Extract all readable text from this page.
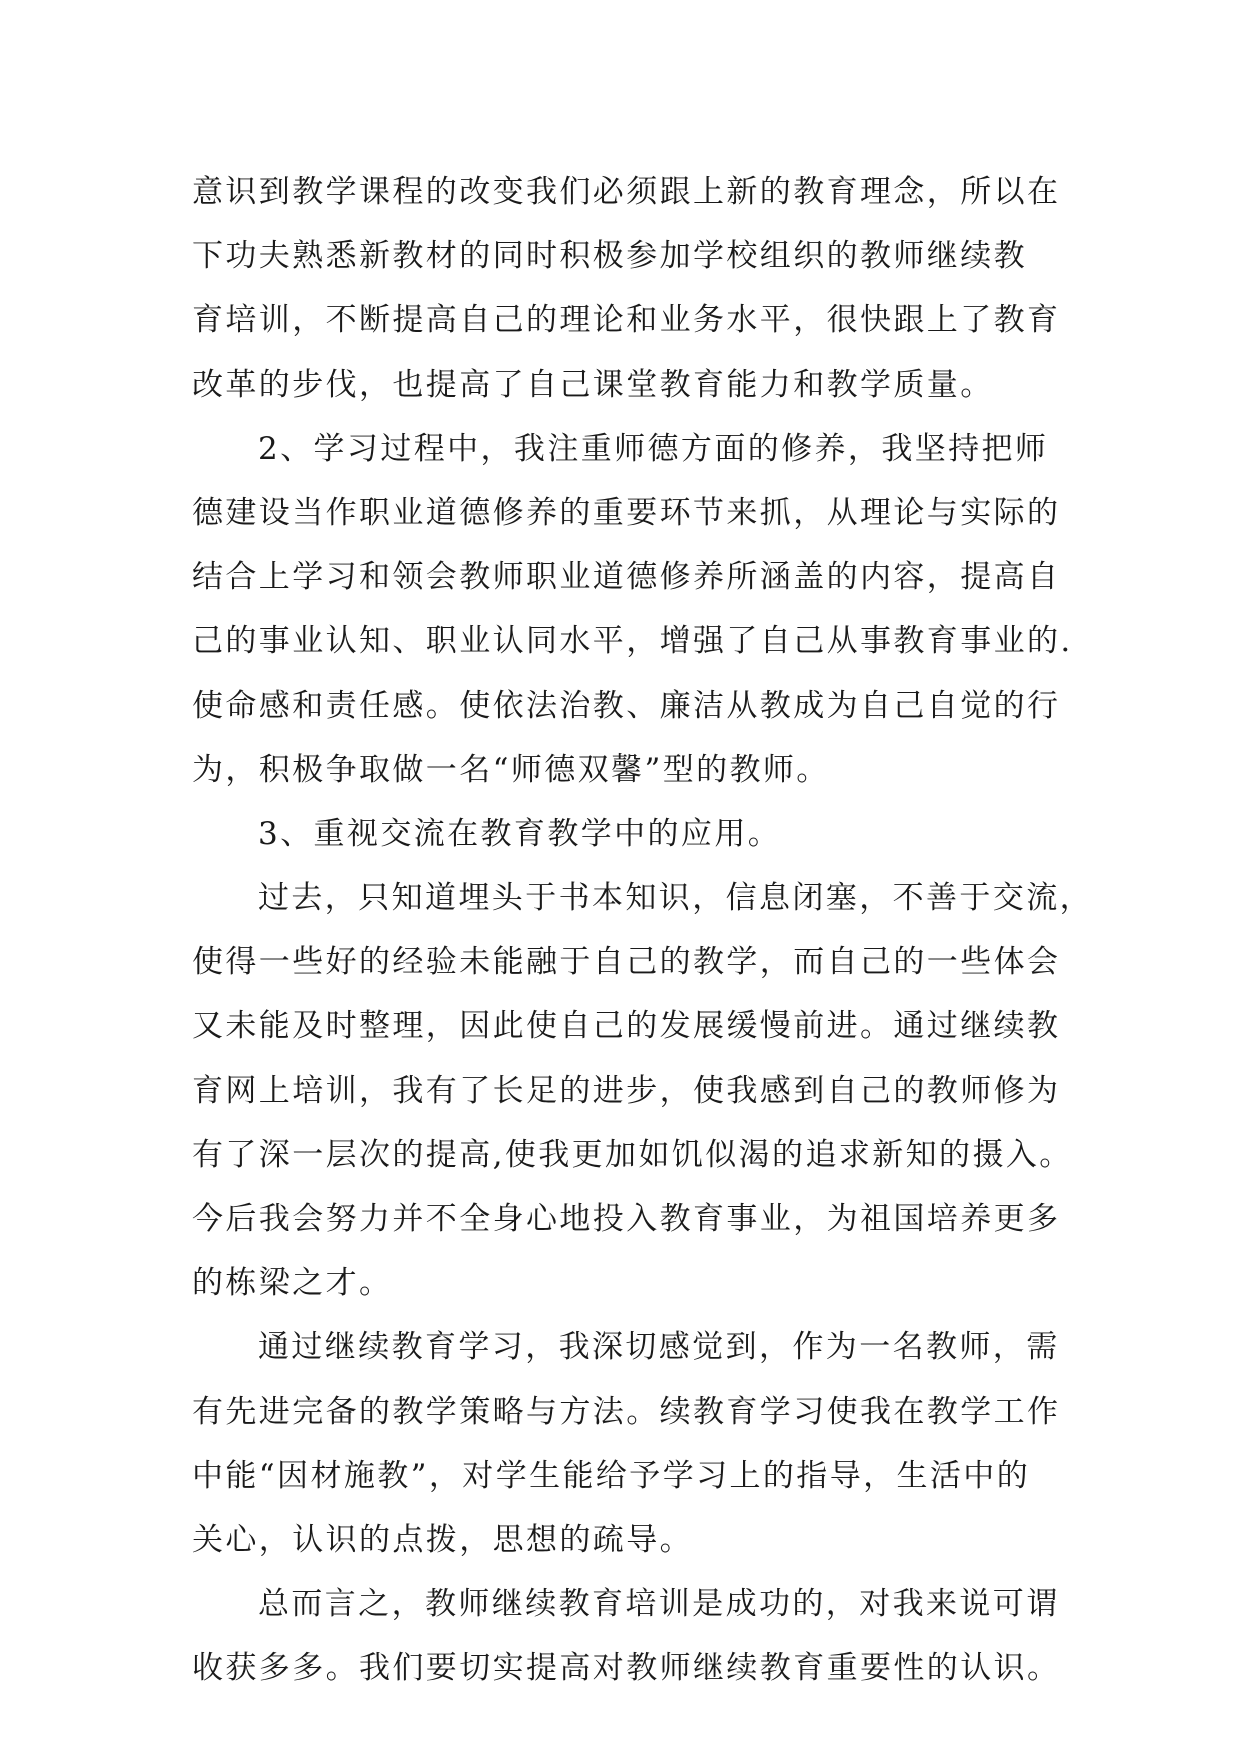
意识到教学课程的改变我们必须跟上新的教育理念，所以在
下功夫熟悉新教材的同时积极参加学校组织的教师继续教
育培训，不断提高自己的理论和业务水平，很快跟上了教育
改革的步伐，也提高了自己课堂教育能力和教学质量。
2、学习过程中，我注重师德方面的修养，我坚持把师
德建设当作职业道德修养的重要环节来抓，从理论与实际的
结合上学习和领会教师职业道德修养所涵盖的内容，提高自
己的事业认知、职业认同水平，增强了自己从事教育事业的.
使命感和责任感。使依法治教、廉洁从教成为自己自觉的行
为，积极争取做一名“师德双馨”型的教师。
3、重视交流在教育教学中的应用。
过去，只知道埋头于书本知识，信息闭塞，不善于交流，
使得一些好的经验未能融于自己的教学，而自己的一些体会
又未能及时整理，因此使自己的发展缓慢前进。通过继续教
育网上培训，我有了长足的进步，使我感到自己的教师修为
有了深一层次的提高,使我更加如饥似渴的追求新知的摄入。
今后我会努力并不全身心地投入教育事业，为祖国培养更多
的栋梁之才。
通过继续教育学习，我深切感觉到，作为一名教师，需
有先进完备的教学策略与方法。续教育学习使我在教学工作
中能“因材施教”，对学生能给予学习上的指导，生活中的
关心，认识的点拨，思想的疏导。
总而言之，教师继续教育培训是成功的，对我来说可谓
收获多多。我们要切实提高对教师继续教育重要性的认识。
